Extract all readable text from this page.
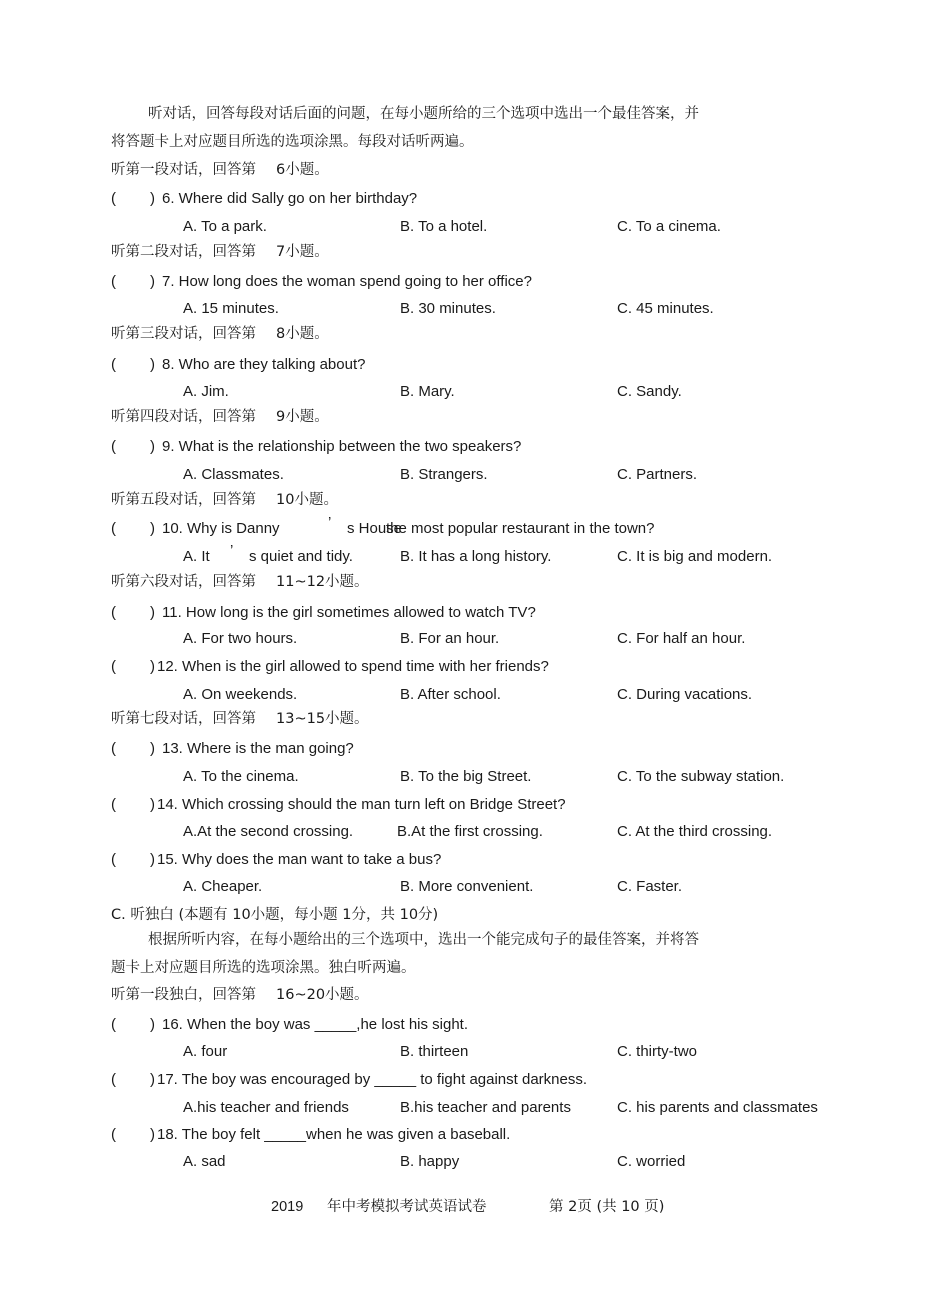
听对话，回答每段对话后面的问题，在每小题所给的三个选项中选出一个最佳答案，并
将答题卡上对应题目所选的选项涂黑。每段对话听两遍。
听第一段对话，回答第 6小题。
( ) 6. Where did Sally go on her birthday?
A. To a park.	B. To a hotel.	C. To a cinema.
听第二段对话，回答第 7小题。
( ) 7. How long does the woman spend going to her office?
A. 15 minutes.	B. 30 minutes.	C. 45 minutes.
听第三段对话，回答第 8小题。
( ) 8. Who are they talking about?
A. Jim.	B. Mary.	C. Sandy.
听第四段对话，回答第 9小题。
( ) 9. What is the relationship between the two speakers?
A. Classmates.	B. Strangers.	C. Partners.
听第五段对话，回答第 10小题。
( ) 10. Why is Danny	’ s House
the most popular restaurant in the town?
A. It ’ s quiet and tidy.	B. It has a long history.	C. It is big and modern.
听第六段对话，回答第 11~12小题。
( ) 11. How long is the girl sometimes allowed to watch TV?
A. For two hours.	B. For an hour.	C. For half an hour.
( ) 12. When is the girl allowed to spend time with her friends?
A. On weekends.	B. After school.	C. During vacations.
听第七段对话，回答第 13~15小题。
( ) 13. Where is the man going?
A. To the cinema.	B. To the big Street.	C. To the subway station.
( ) 14. Which crossing should the man turn left on Bridge Street?
A.At the second crossing.	B.At the first crossing.	C. At the third crossing.
( ) 15. Why does the man want to take a bus?
A. Cheaper.	B. More convenient.	C. Faster.
C. 听独白 (本题有 10小题，每小题 1分，共 10分)
根据所听内容，在每小题给出的三个选项中，选出一个能完成句子的最佳答案，并将答
题卡上对应题目所选的选项涂黑。独白听两遍。
听第一段独白，回答第 16~20小题。
( ) 16. When the boy was _____,he lost his sight.
A. four	B. thirteen	C. thirty-two
( ) 17. The boy was encouraged by _____ to fight against darkness.
A.his teacher and friends	B.his teacher and parents	C. his parents and classmates
( ) 18. The boy felt _____when he was given a baseball.
A. sad	B. happy	C. worried
2019 年中考模拟考试英语试卷	第 2页 (共 10 页)
